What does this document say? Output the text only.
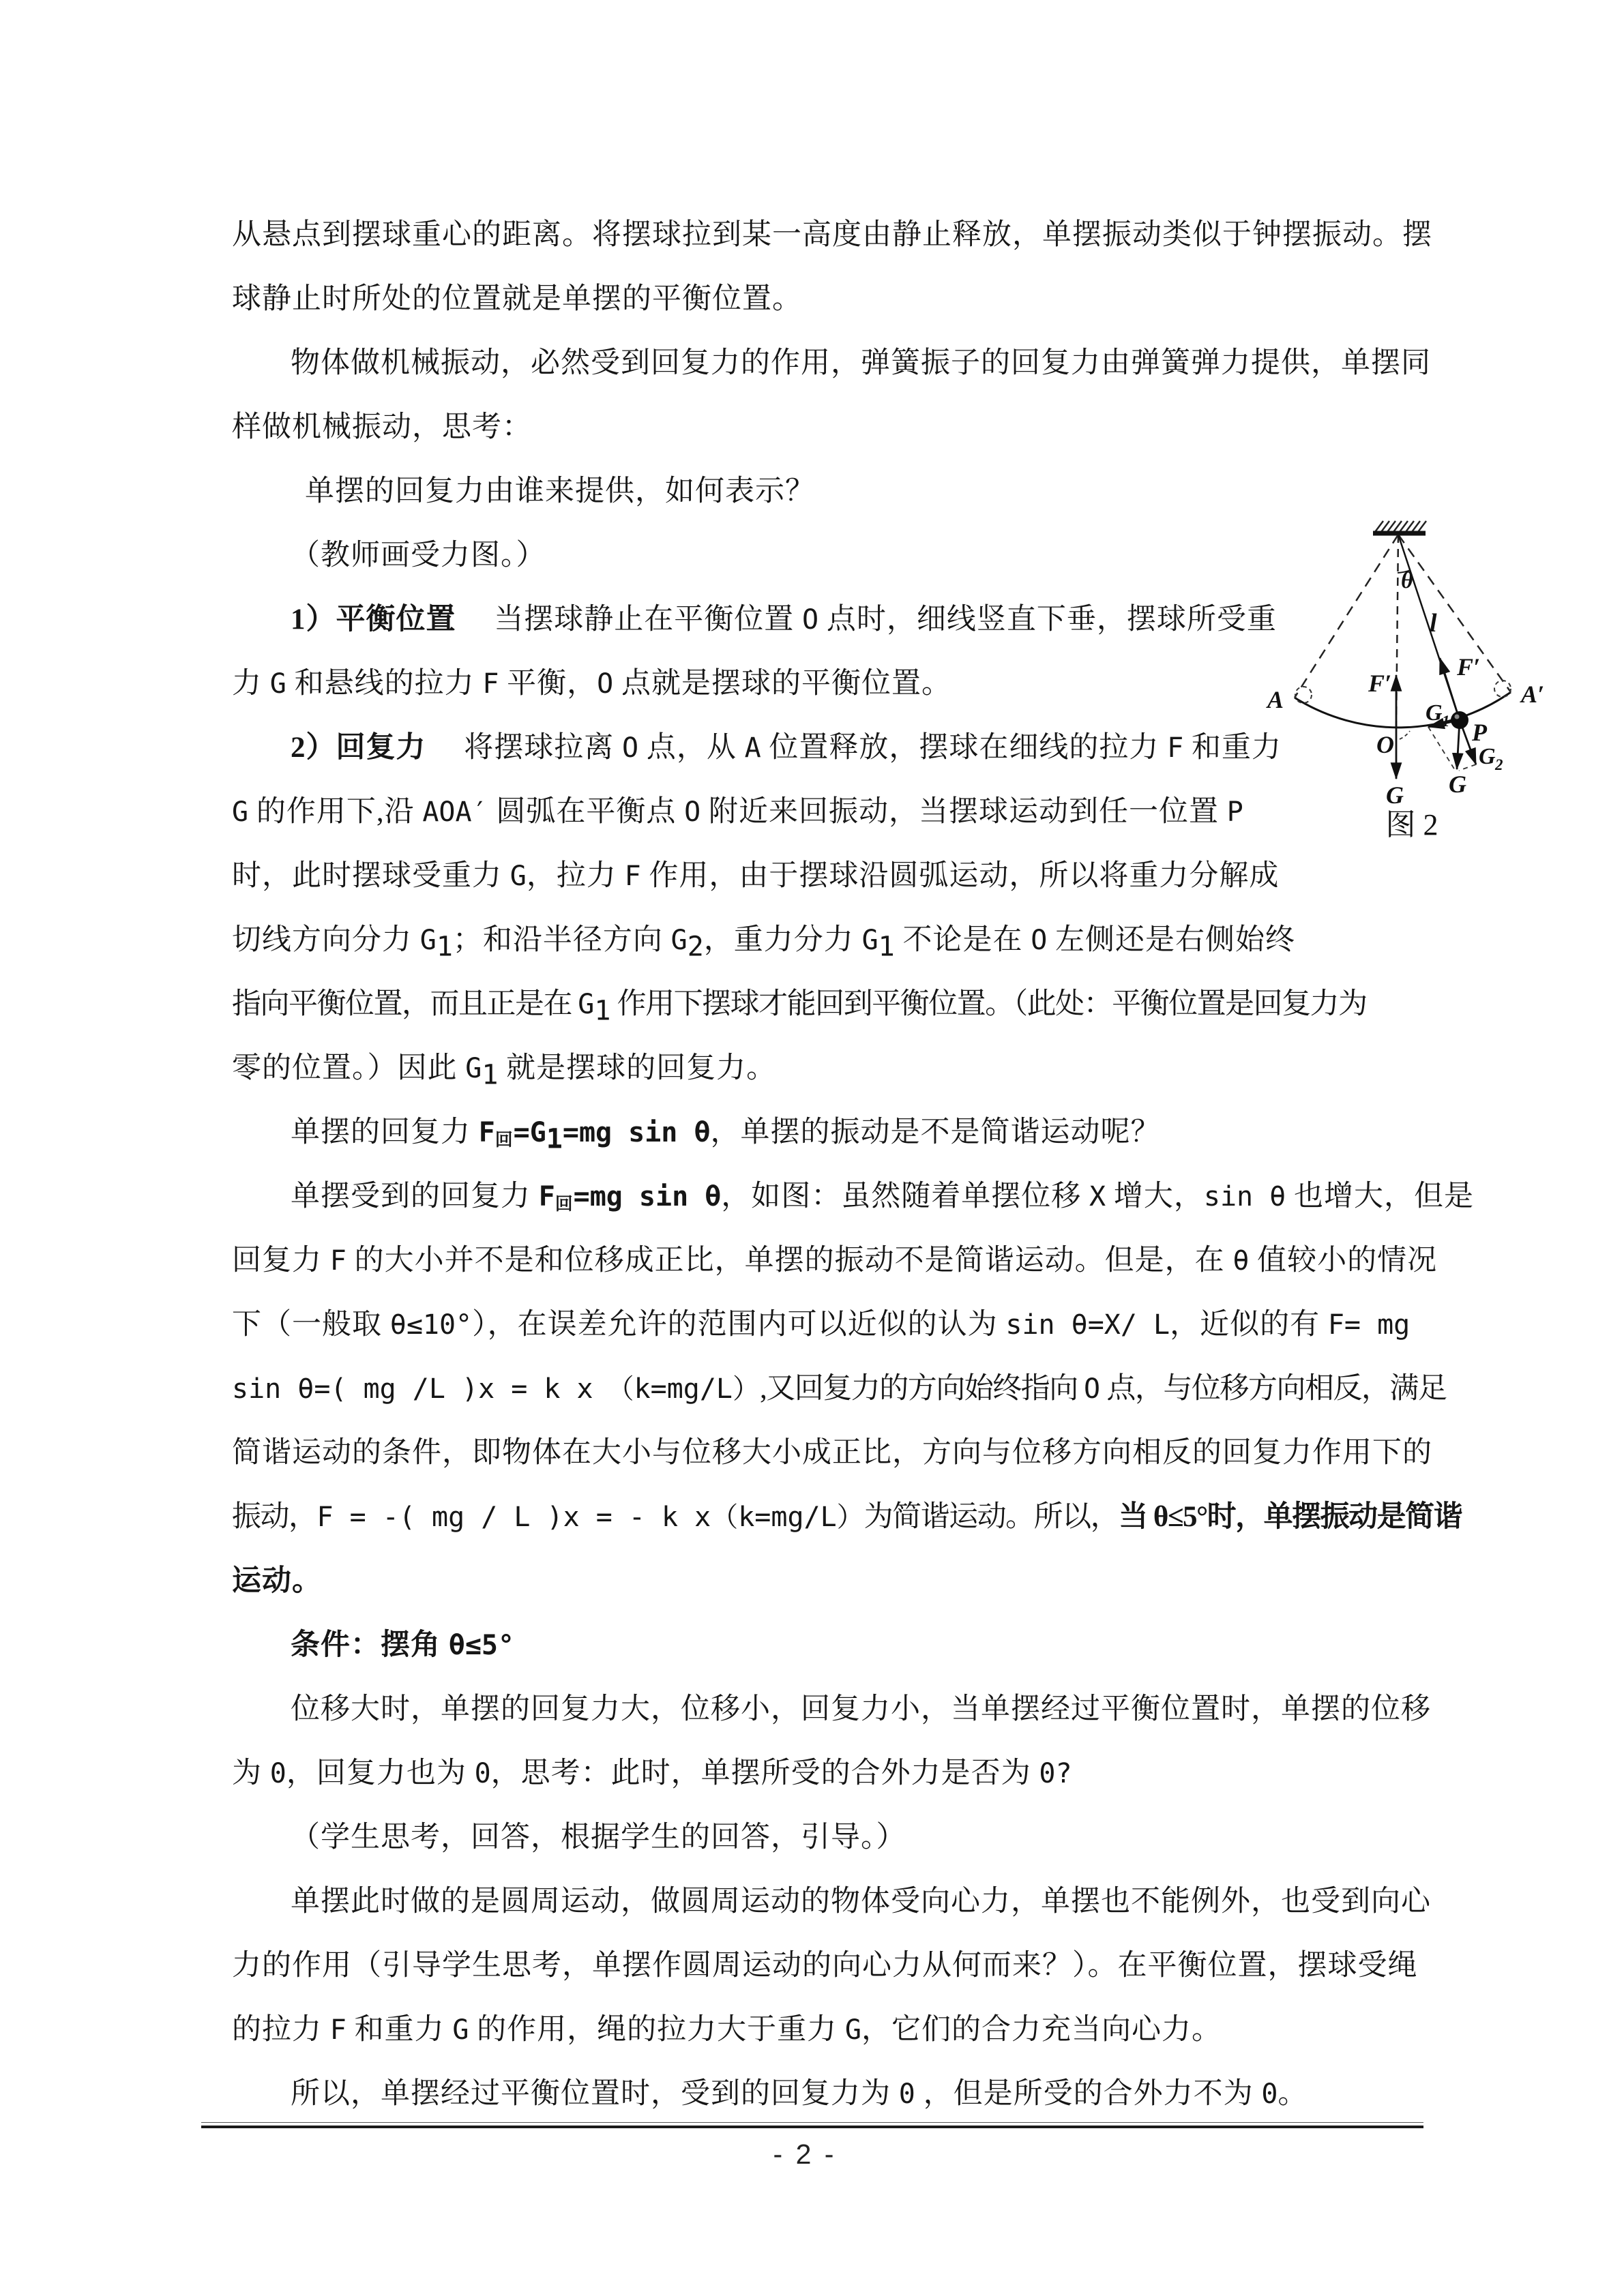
从悬点到摆球重心的距离。将摆球拉到某一高度由静止释放，单摆振动类似于钟摆振动。摆
球静止时所处的位置就是单摆的平衡位置。
物体做机械振动，必然受到回复力的作用，弹簧振子的回复力由弹簧弹力提供，单摆同
样做机械振动，思考：
单摆的回复力由谁来提供，如何表示？
（教师画受力图。）
1）平衡位置　 当摆球静止在平衡位置 O 点时，细线竖直下垂，摆球所受重
力 G 和悬线的拉力 F 平衡，O 点就是摆球的平衡位置。
2）回复力　 将摆球拉离 O 点，从 A 位置释放，摆球在细线的拉力 F 和重力
G 的作用下,沿 AOA′ 圆弧在平衡点 O 附近来回振动，当摆球运动到任一位置 P
时，此时摆球受重力 G，拉力 F 作用，由于摆球沿圆弧运动，所以将重力分解成
切线方向分力 $G_1$；和沿半径方向 $G_2$，重力分力 $G_1$ 不论是在 O 左侧还是右侧始终
指向平衡位置，而且正是在 $G_1$ 作用下摆球才能回到平衡位置。（此处：平衡位置是回复力为
零的位置。）因此 $G_1$ 就是摆球的回复力。
单摆的回复力 $F_回=G_1=mg$ sin θ，单摆的振动是不是简谐运动呢？
单摆受到的回复力 $F_回=mg$ sin θ，如图：虽然随着单摆位移 X 增大，sin θ 也增大，但是
回复力 F 的大小并不是和位移成正比，单摆的振动不是简谐运动。但是，在 θ 值较小的情况
下（一般取 θ≤10°），在误差允许的范围内可以近似的认为 sin θ=X/ L，近似的有 F= mg
sin θ=( mg /L )x = k x　（k=mg/L）,又回复力的方向始终指向 O 点，与位移方向相反，满足
简谐运动的条件，即物体在大小与位移大小成正比，方向与位移方向相反的回复力作用下的
振动，F = -( mg / L )x = - k x（k=mg/L）为简谐运动。所以，当 θ≤5°时，单摆振动是简谐
运动。
条件：摆角 θ≤5°
位移大时，单摆的回复力大，位移小，回复力小，当单摆经过平衡位置时，单摆的位移
为 0，回复力也为 0，思考：此时，单摆所受的合外力是否为 0?
（学生思考，回答，根据学生的回答，引导。）
单摆此时做的是圆周运动，做圆周运动的物体受向心力，单摆也不能例外，也受到向心
力的作用（引导学生思考，单摆作圆周运动的向心力从何而来？）。在平衡位置，摆球受绳
的拉力 F 和重力 G 的作用，绳的拉力大于重力 G，它们的合力充当向心力。
所以，单摆经过平衡位置时，受到的回复力为 0 ，但是所受的合外力不为 0。
θ
l
F′
F′
A	A′
O	P
G 1
G 2
G
G
图 2
- 2 -
